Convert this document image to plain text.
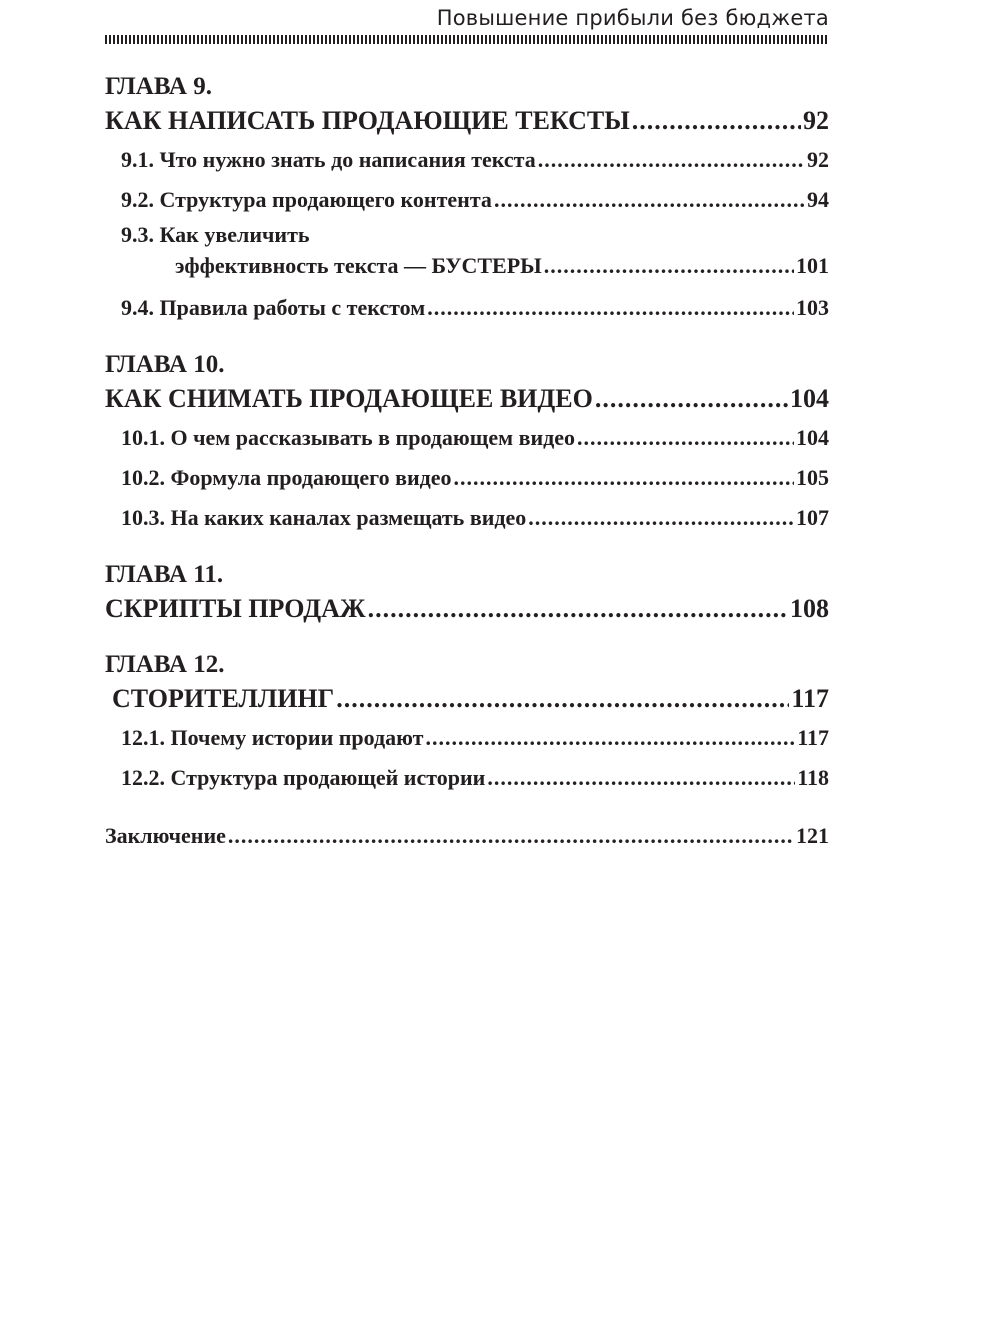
Повышение прибыли без бюджета
ГЛАВА 9.
КАК НАПИСАТЬ ПРОДАЮЩИЕ ТЕКСТЫ .....	92
9.1. Что нужно знать до написания текста .....	92
9.2. Структура продающего контента .....	94
9.3. Как увеличить
эффективность текста — БУСТЕРЫ .....	101
9.4. Правила работы с текстом .....	103
ГЛАВА 10.
КАК СНИМАТЬ ПРОДАЮЩЕЕ ВИДЕО .....	104
10.1. О чем рассказывать в продающем видео .....	104
10.2. Формула продающего видео .....	105
10.3. На каких каналах размещать видео .....	107
ГЛАВА 11.
СКРИПТЫ ПРОДАЖ .....	108
ГЛАВА 12.
СТОРИТЕЛЛИНГ .....	117
12.1. Почему истории продают .....	117
12.2. Структура продающей истории .....	118
Заключение .....	121
